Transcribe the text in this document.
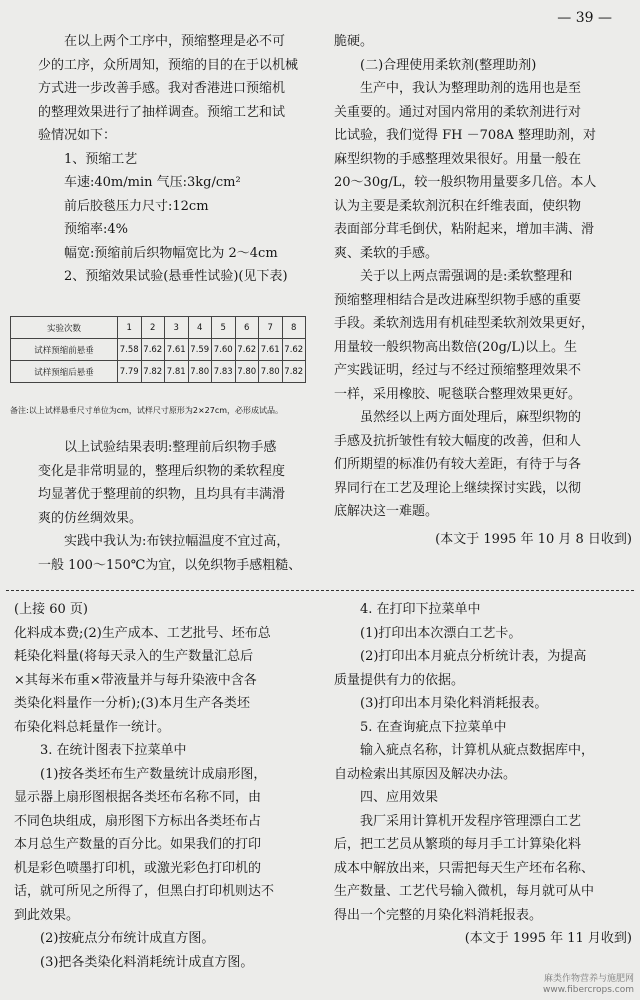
— 39 —

在以上两个工序中，预缩整理是必不可

少的工序，众所周知，预缩的目的在于以机械

方式进一步改善手感。我对香港进口预缩机

的整理效果进行了抽样调查。预缩工艺和试

验情况如下：

1、预缩工艺

车速:40m/min 气压:3kg/cm²

前后胶毯压力尺寸:12cm

预缩率:4%

幅宽:预缩前后织物幅宽比为 2～4cm

2、预缩效果试验(悬垂性试验)(见下表)

实验次数	1	2	3	4	5	6	7	8
试样预缩前悬垂	7.58	7.62	7.61	7.59	7.60	7.62	7.61	7.62
试样预缩后悬垂	7.79	7.82	7.81	7.80	7.83	7.80	7.80	7.82
备注:以上试样悬垂尺寸单位为cm，试样尺寸原形为2×27cm，必形成试品。

以上试验结果表明:整理前后织物手感

变化是非常明显的，整理后织物的柔软程度

均显著优于整理前的织物，且均具有丰满滑

爽的仿丝绸效果。

实践中我认为:布铗拉幅温度不宜过高，

一般 100～150℃为宜，以免织物手感粗糙、

脆硬。

(二)合理使用柔软剂(整理助剂)

生产中，我认为整理助剂的选用也是至

关重要的。通过对国内常用的柔软剂进行对

比试验，我们觉得 FH －708A 整理助剂，对

麻型织物的手感整理效果很好。用量一般在

20～30g/L，较一般织物用量要多几倍。本人

认为主要是柔软剂沉积在纤维表面，使织物

表面部分茸毛倒伏，粘附起来，增加丰满、滑

爽、柔软的手感。

关于以上两点需强调的是:柔软整理和

预缩整理相结合是改进麻型织物手感的重要

手段。柔软剂选用有机硅型柔软剂效果更好，

用量较一般织物高出数倍(20g/L)以上。生

产实践证明，经过与不经过预缩整理效果不

一样，采用橡胶、呢毯联合整理效果更好。

虽然经以上两方面处理后，麻型织物的

手感及抗折皱性有较大幅度的改善，但和人

们所期望的标准仍有较大差距，有待于与各

界同行在工艺及理论上继续探讨实践，以彻

底解决这一难题。

(本文于 1995 年 10 月 8 日收到)

(上接 60 页)

化料成本费;(2)生产成本、工艺批号、坯布总

耗染化料量(将每天录入的生产数量汇总后

×其每米布重×带液量并与每升染液中含各

类染化料量作一分析);(3)本月生产各类坯

布染化料总耗量作一统计。

3. 在统计图表下拉菜单中

(1)按各类坯布生产数量统计成扇形图，

显示器上扇形图根据各类坯布名称不同，由

不同色块组成，扇形图下方标出各类坯布占

本月总生产数量的百分比。如果我们的打印

机是彩色喷墨打印机，或激光彩色打印机的

话，就可所见之所得了，但黑白打印机则达不

到此效果。

(2)按疵点分布统计成直方图。

(3)把各类染化料消耗统计成直方图。

4. 在打印下拉菜单中

(1)打印出本次漂白工艺卡。

(2)打印出本月疵点分析统计表，为提高

质量提供有力的依据。

(3)打印出本月染化料消耗报表。

5. 在查询疵点下拉菜单中

输入疵点名称，计算机从疵点数据库中，

自动检索出其原因及解决办法。

四、应用效果

我厂采用计算机开发程序管理漂白工艺

后，把工艺员从繁琐的每月手工计算染化料

成本中解放出来，只需把每天生产坯布名称、

生产数量、工艺代号输入微机，每月就可从中

得出一个完整的月染化料消耗报表。

(本文于 1995 年 11 月收到)

麻类作物营养与施肥网
www.fibercrops.com
